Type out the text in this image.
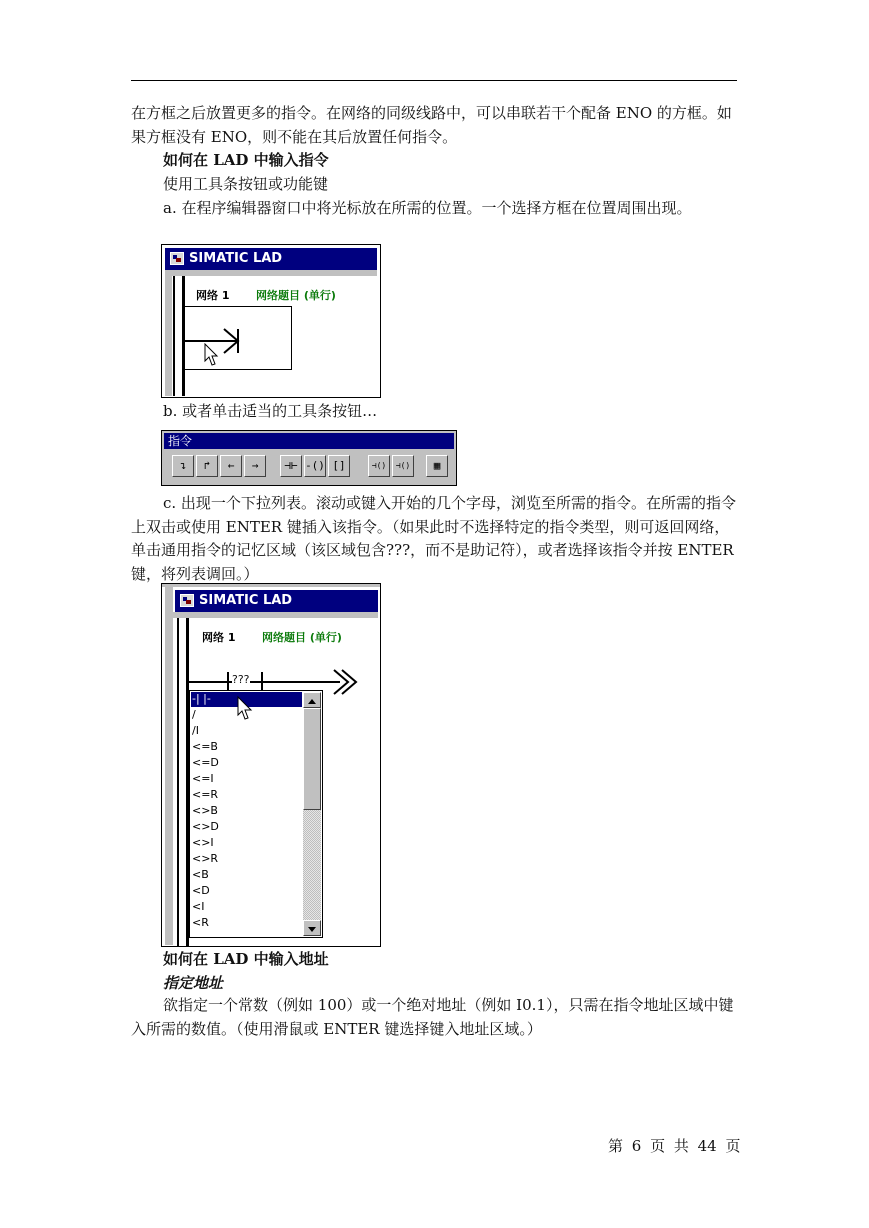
在方框之后放置更多的指令。在网络的同级线路中，可以串联若干个配备 ENO 的方框。如果方框没有 ENO，则不能在其后放置任何指令。

如何在 LAD 中输入指令

使用工具条按钮或功能键

a. 在程序编辑器窗口中将光标放在所需的位置。一个选择方框在位置周围出现。

SIMATIC LAD
网络 1 网络题目 (单行)

b. 或者单击适当的工具条按钮…

指令
↴	↱	←	→	⊣⊢ -() []	⊣()	⊣()	▦

c. 出现一个下拉列表。滚动或键入开始的几个字母，浏览至所需的指令。在所需的指令上双击或使用 ENTER 键插入该指令。（如果此时不选择特定的指令类型，则可返回网络，单击通用指令的记忆区域（该区域包含???，而不是助记符），或者选择该指令并按 ENTER 键，将列表调回。）

SIMATIC LAD
网络 1 网络题目 (单行)
???
-| |-
/
/I
<=B
<=D
<=I
<=R
<>B
<>D
<>I
<>R
<B
<D
<I
<R

如何在 LAD 中输入地址

指定地址

欲指定一个常数（例如 100）或一个绝对地址（例如 I0.1），只需在指令地址区域中键入所需的数值。（使用滑鼠或 ENTER 键选择键入地址区域。）

第 6 页 共 44 页
